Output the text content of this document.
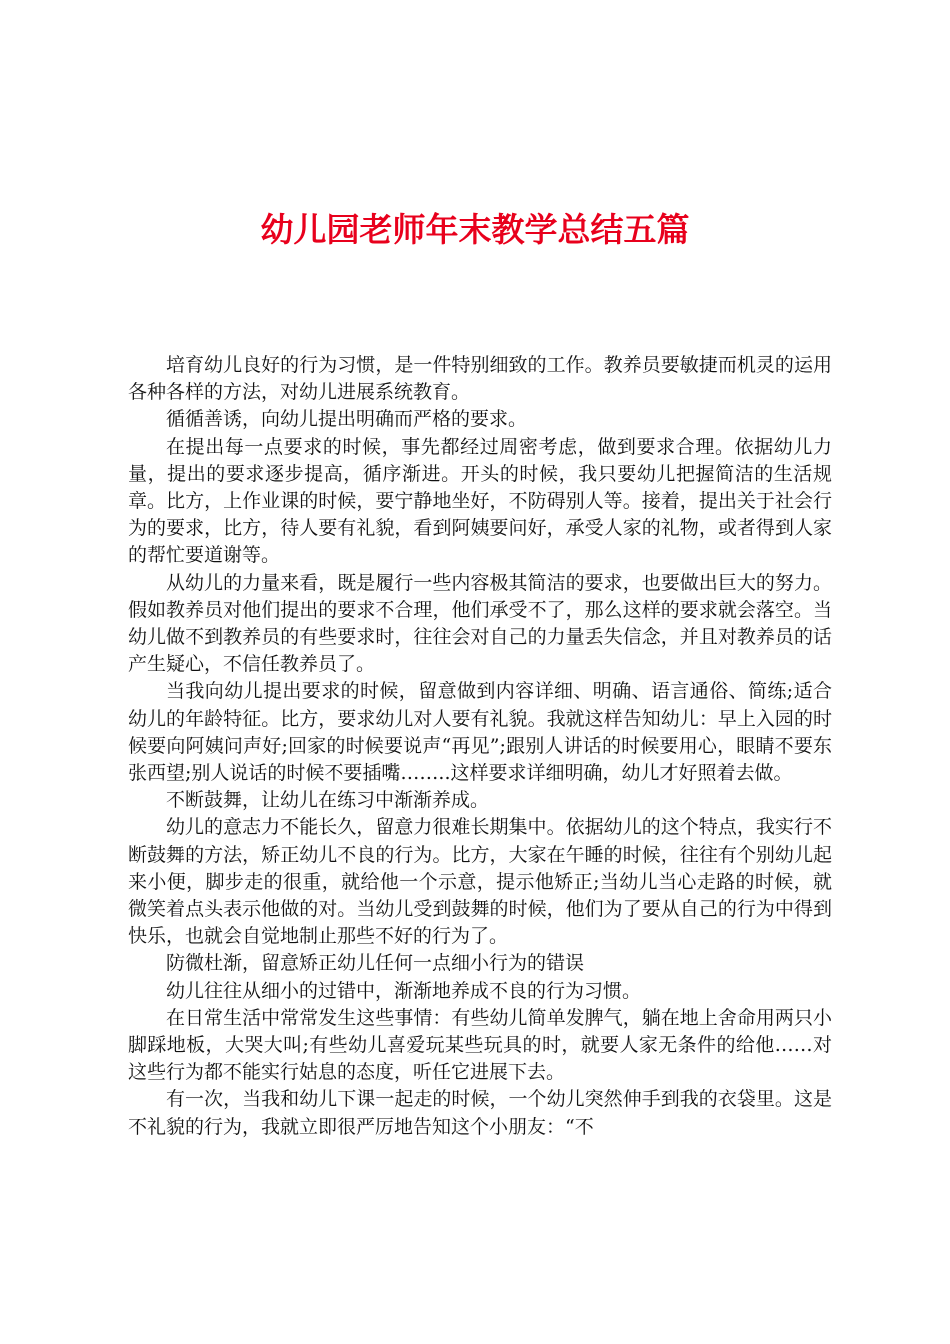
幼儿园老师年末教学总结五篇

培育幼儿良好的行为习惯，是一件特别细致的工作。教养员要敏捷而机灵的运用各种各样的方法，对幼儿进展系统教育。

循循善诱，向幼儿提出明确而严格的要求。

在提出每一点要求的时候，事先都经过周密考虑，做到要求合理。依据幼儿力量，提出的要求逐步提高，循序渐进。开头的时候，我只要幼儿把握简洁的生活规章。比方，上作业课的时候，要宁静地坐好，不防碍别人等。接着，提出关于社会行为的要求，比方，待人要有礼貌，看到阿姨要问好，承受人家的礼物，或者得到人家的帮忙要道谢等。

从幼儿的力量来看，既是履行一些内容极其简洁的要求，也要做出巨大的努力。假如教养员对他们提出的要求不合理，他们承受不了，那么这样的要求就会落空。当幼儿做不到教养员的有些要求时，往往会对自己的力量丢失信念，并且对教养员的话产生疑心，不信任教养员了。

当我向幼儿提出要求的时候，留意做到内容详细、明确、语言通俗、简练;适合幼儿的年龄特征。比方，要求幼儿对人要有礼貌。我就这样告知幼儿：早上入园的时候要向阿姨问声好;回家的时候要说声“再见”;跟别人讲话的时候要用心，眼睛不要东张西望;别人说话的时候不要插嘴……..这样要求详细明确，幼儿才好照着去做。

不断鼓舞，让幼儿在练习中渐渐养成。

幼儿的意志力不能长久，留意力很难长期集中。依据幼儿的这个特点，我实行不断鼓舞的方法，矫正幼儿不良的行为。比方，大家在午睡的时候，往往有个别幼儿起来小便，脚步走的很重，就给他一个示意，提示他矫正;当幼儿当心走路的时候，就微笑着点头表示他做的对。当幼儿受到鼓舞的时候，他们为了要从自己的行为中得到快乐，也就会自觉地制止那些不好的行为了。

防微杜渐，留意矫正幼儿任何一点细小行为的错误

幼儿往往从细小的过错中，渐渐地养成不良的行为习惯。

在日常生活中常常发生这些事情：有些幼儿简单发脾气，躺在地上舍命用两只小脚踩地板，大哭大叫;有些幼儿喜爱玩某些玩具的时，就要人家无条件的给他……对这些行为都不能实行姑息的态度，听任它进展下去。

有一次，当我和幼儿下课一起走的时候，一个幼儿突然伸手到我的衣袋里。这是不礼貌的行为，我就立即很严厉地告知这个小朋友：“不
